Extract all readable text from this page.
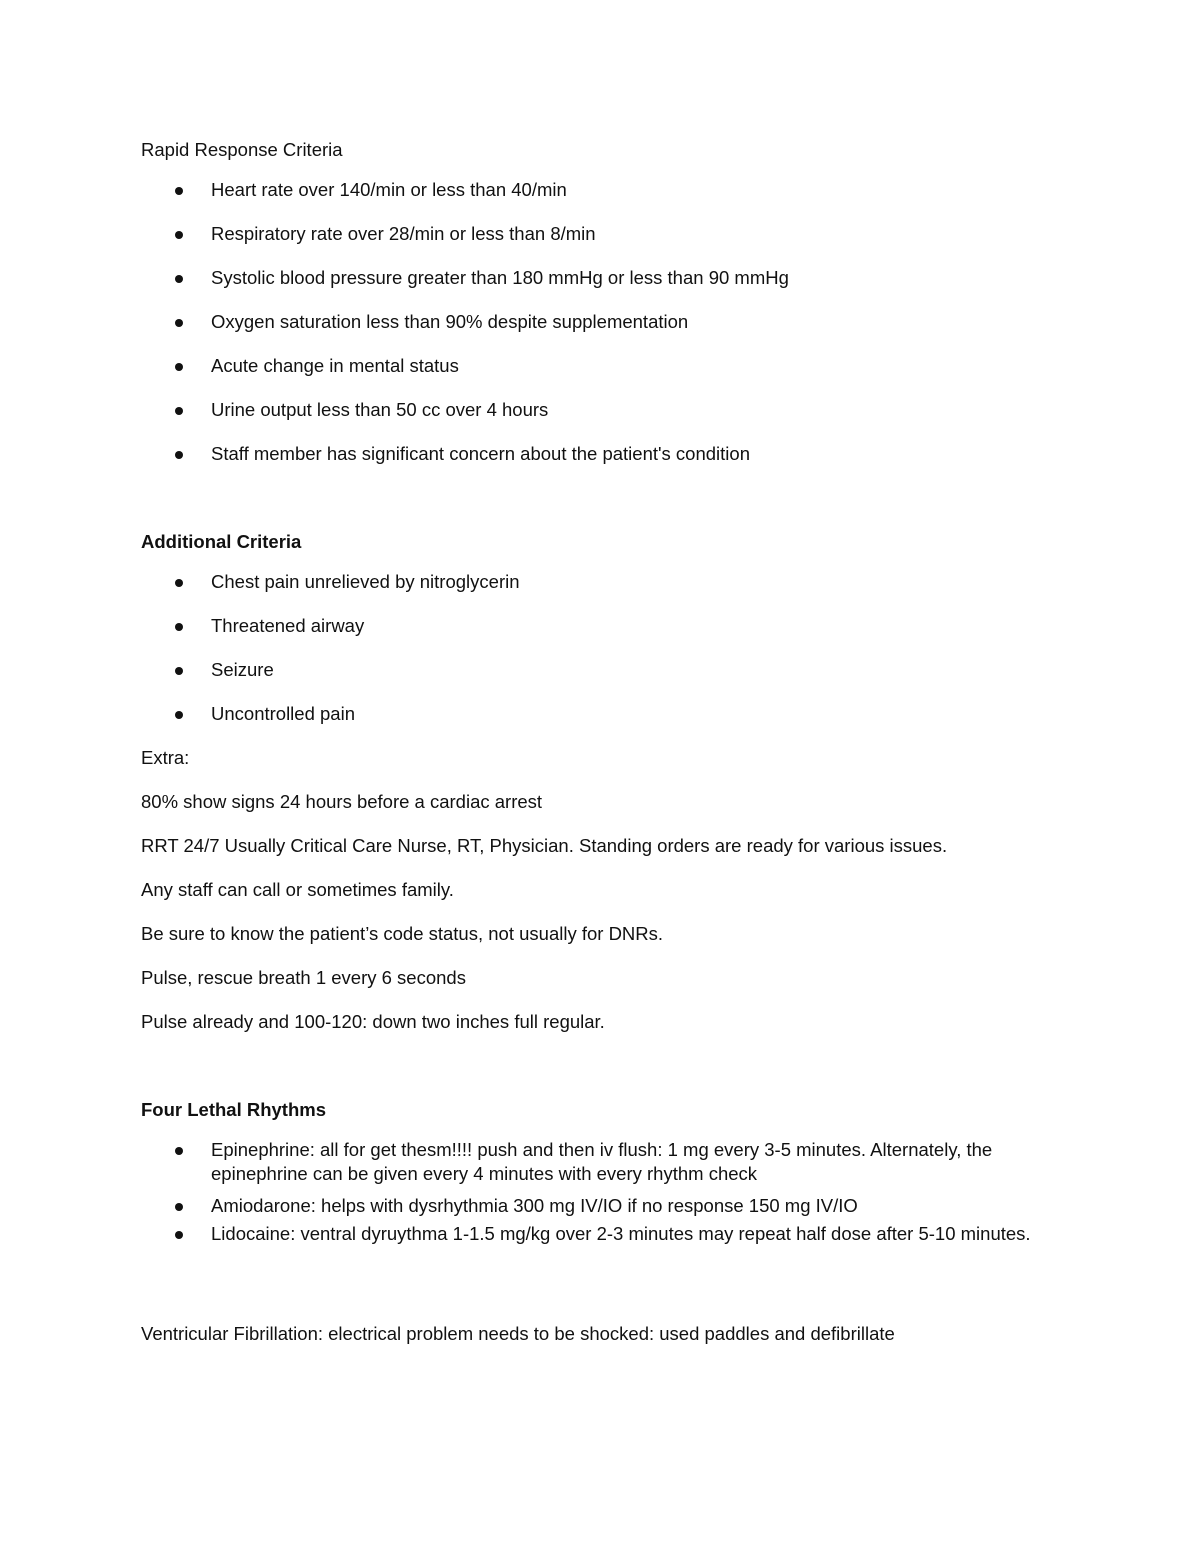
Rapid Response Criteria

Heart rate over 140/min or less than 40/min
Respiratory rate over 28/min or less than 8/min
Systolic blood pressure greater than 180 mmHg or less than 90 mmHg
Oxygen saturation less than 90% despite supplementation
Acute change in mental status
Urine output less than 50 cc over 4 hours
Staff member has significant concern about the patient's condition

Additional Criteria

Chest pain unrelieved by nitroglycerin
Threatened airway
Seizure
Uncontrolled pain

Extra:

80% show signs 24 hours before a cardiac arrest

RRT 24/7 Usually Critical Care Nurse, RT, Physician. Standing orders are ready for various issues.

Any staff can call or sometimes family.

Be sure to know the patient’s code status, not usually for DNRs.

Pulse, rescue breath 1 every 6 seconds

Pulse already and 100-120: down two inches full regular.

Four Lethal Rhythms

Epinephrine: all for get thesm!!!! push and then iv flush: 1 mg every 3-5 minutes. Alternately, the epinephrine can be given every 4 minutes with every rhythm check
Amiodarone: helps with dysrhythmia 300 mg IV/IO if no response 150 mg IV/IO
Lidocaine: ventral dyruythma 1-1.5 mg/kg over 2-3 minutes may repeat half dose after 5-10 minutes.

Ventricular Fibrillation: electrical problem needs to be shocked: used paddles and defibrillate
